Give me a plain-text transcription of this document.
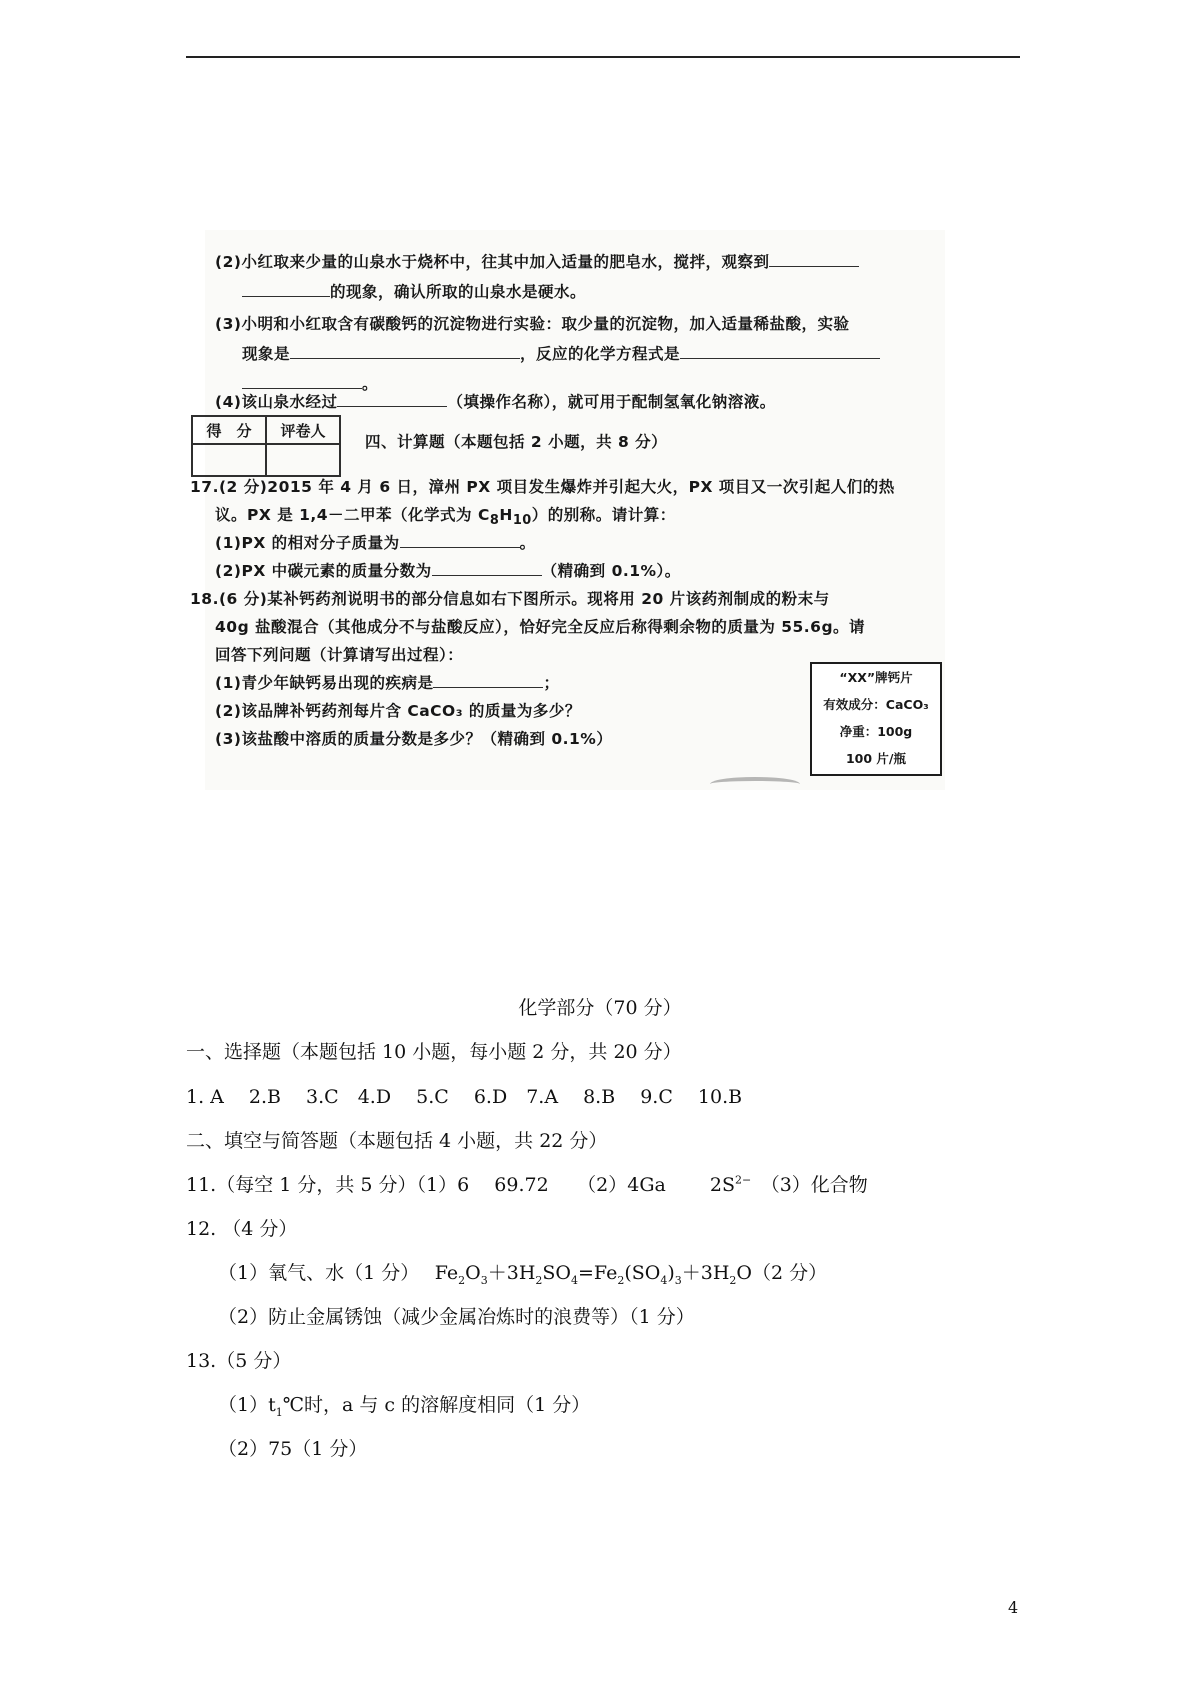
(2)小红取来少量的山泉水于烧杯中，往其中加入适量的肥皂水，搅拌，观察到
的现象，确认所取的山泉水是硬水。
(3)小明和小红取含有碳酸钙的沉淀物进行实验：取少量的沉淀物，加入适量稀盐酸，实验
现象是	，反应的化学方程式是
。
(4)该山泉水经过	（填操作名称），就可用于配制氢氧化钠溶液。
得　分	评卷人

四、计算题（本题包括 2 小题，共 8 分）
17.(2 分)2015 年 4 月 6 日，漳州 PX 项目发生爆炸并引起大火，PX 项目又一次引起人们的热
议。PX 是 1,4－二甲苯（化学式为 $C_8H_{10}$）的别称。请计算：
(1)PX 的相对分子质量为	。
(2)PX 中碳元素的质量分数为	（精确到 0.1%）。
18.(6 分)某补钙药剂说明书的部分信息如右下图所示。现将用 20 片该药剂制成的粉末与
40g 盐酸混合（其他成分不与盐酸反应），恰好完全反应后称得剩余物的质量为 55.6g。请
回答下列问题（计算请写出过程）：
(1)青少年缺钙易出现的疾病是	；
(2)该品牌补钙药剂每片含 CaCO₃ 的质量为多少？
(3)该盐酸中溶质的质量分数是多少？（精确到 0.1%）
“XX”牌钙片
有效成分：CaCO₃
净重：100g
100 片/瓶
化学部分（70 分）
一、选择题（本题包括 10 小题，每小题 2 分，共 20 分）
1. A　 2.B　 3.C　4.D　 5.C　 6.D　7.A　 8.B　 9.C　 10.B
二、填空与简答题（本题包括 4 小题，共 22 分）
11.（每空 1 分，共 5 分）（1）6　 69.72　　（2）4Ga　　 $2S^{2-}$　（3）化合物
12. （4 分）
（1）氧气、水（1 分）　 $Fe_2O_3+3H_2SO_4=Fe_2(SO_4)_3+3H_2O(2$ 分）
（2）防止金属锈蚀（减少金属冶炼时的浪费等）（1 分）
13.（5 分）
$(1)t_1℃$时，a 与 c 的溶解度相同（1 分）
（2）75（1 分）
4
